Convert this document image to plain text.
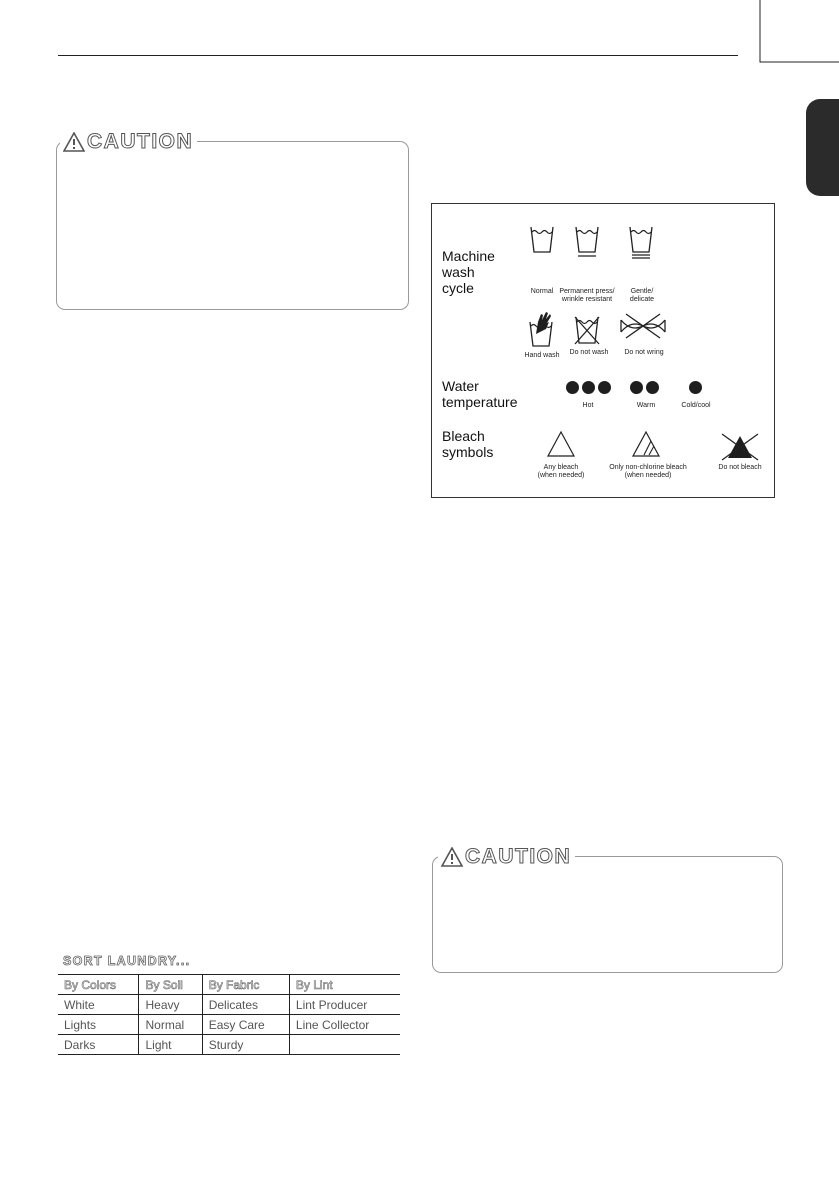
CAUTION
Machine
wash
cycle	Normal Permanent press/
wrinkle resistant
Gentle/
delicate
Hand wash	Do not wash	Do not wring
Water
temperature	Hot	Warm	Cold/cool
Bleach
symbols
Any bleach
(when needed)
Only non-chlorine bleach
(when needed)
Do not bleach
CAUTION
SORT LAUNDRY...
By Colors	By Soil	By Fabric	By Lint
White	Heavy	Delicates	Lint Producer
Lights	Normal	Easy Care	Line Collector
Darks	Light	Sturdy	
